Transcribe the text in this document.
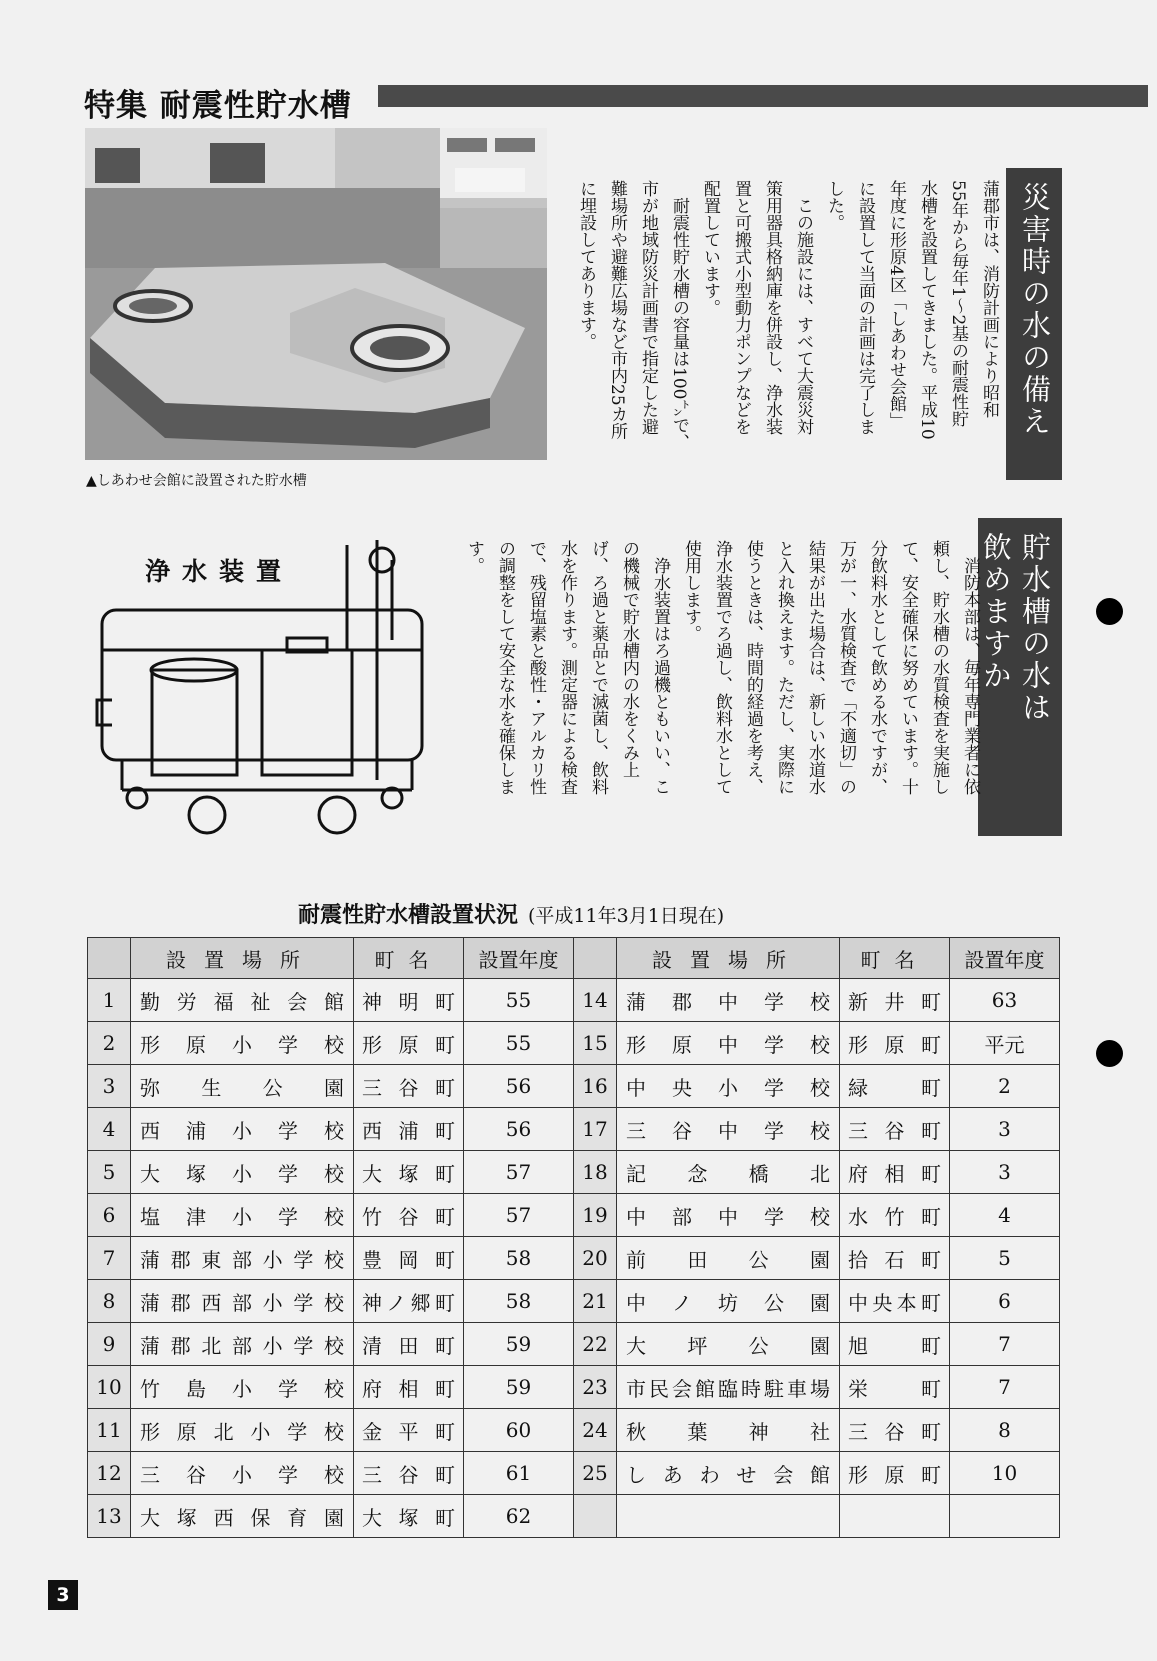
特集 耐震性貯水槽
▲しあわせ会館に設置された貯水槽
災害時の水の備え
蒲郡市は、消防計画により昭和
55年から毎年1～2基の耐震性貯
水槽を設置してきました。平成10
年度に形原4区「しあわせ会館」
に設置して当面の計画は完了しま
した。
　この施設には、すべて大震災対
策用器具格納庫を併設し、浄水装
置と可搬式小型動力ポンプなどを
配置しています。
　耐震性貯水槽の容量は100㌧で、
市が地域防災計画書で指定した避
難場所や避難広場など市内25カ所
に埋設してあります。
貯水槽の水は
飲めますか
　消防本部は、毎年専門業者に依
頼し、貯水槽の水質検査を実施し
て、安全確保に努めています。十
分飲料水として飲める水ですが、
万が一、水質検査で「不適切」の
結果が出た場合は、新しい水道水
と入れ換えます。ただし、実際に
使うときは、時間的経過を考え、
浄水装置でろ過し、飲料水として
使用します。
　浄水装置はろ過機ともいい、こ
の機械で貯水槽内の水をくみ上
げ、ろ過と薬品とで滅菌し、飲料
水を作ります。測定器による検査
で、残留塩素と酸性・アルカリ性
の調整をして安全な水を確保しま
す。
浄水装置
耐震性貯水槽設置状況 (平成11年3月1日現在)
	設置場所	町名	設置年度		設置場所	町名	設置年度
1	勤労福祉会館	神明町	55	14	蒲郡中学校	新井町	63
2	形原小学校	形原町	55	15	形原中学校	形原町	平元
3	弥生公園	三谷町	56	16	中央小学校	緑町	2
4	西浦小学校	西浦町	56	17	三谷中学校	三谷町	3
5	大塚小学校	大塚町	57	18	記念橋北	府相町	3
6	塩津小学校	竹谷町	57	19	中部中学校	水竹町	4
7	蒲郡東部小学校	豊岡町	58	20	前田公園	拾石町	5
8	蒲郡西部小学校	神ノ郷町	58	21	中ノ坊公園	中央本町	6
9	蒲郡北部小学校	清田町	59	22	大坪公園	旭町	7
10	竹島小学校	府相町	59	23	市民会館臨時駐車場	栄町	7
11	形原北小学校	金平町	60	24	秋葉神社	三谷町	8
12	三谷小学校	三谷町	61	25	しあわせ会館	形原町	10
13	大塚西保育園	大塚町	62				
3
